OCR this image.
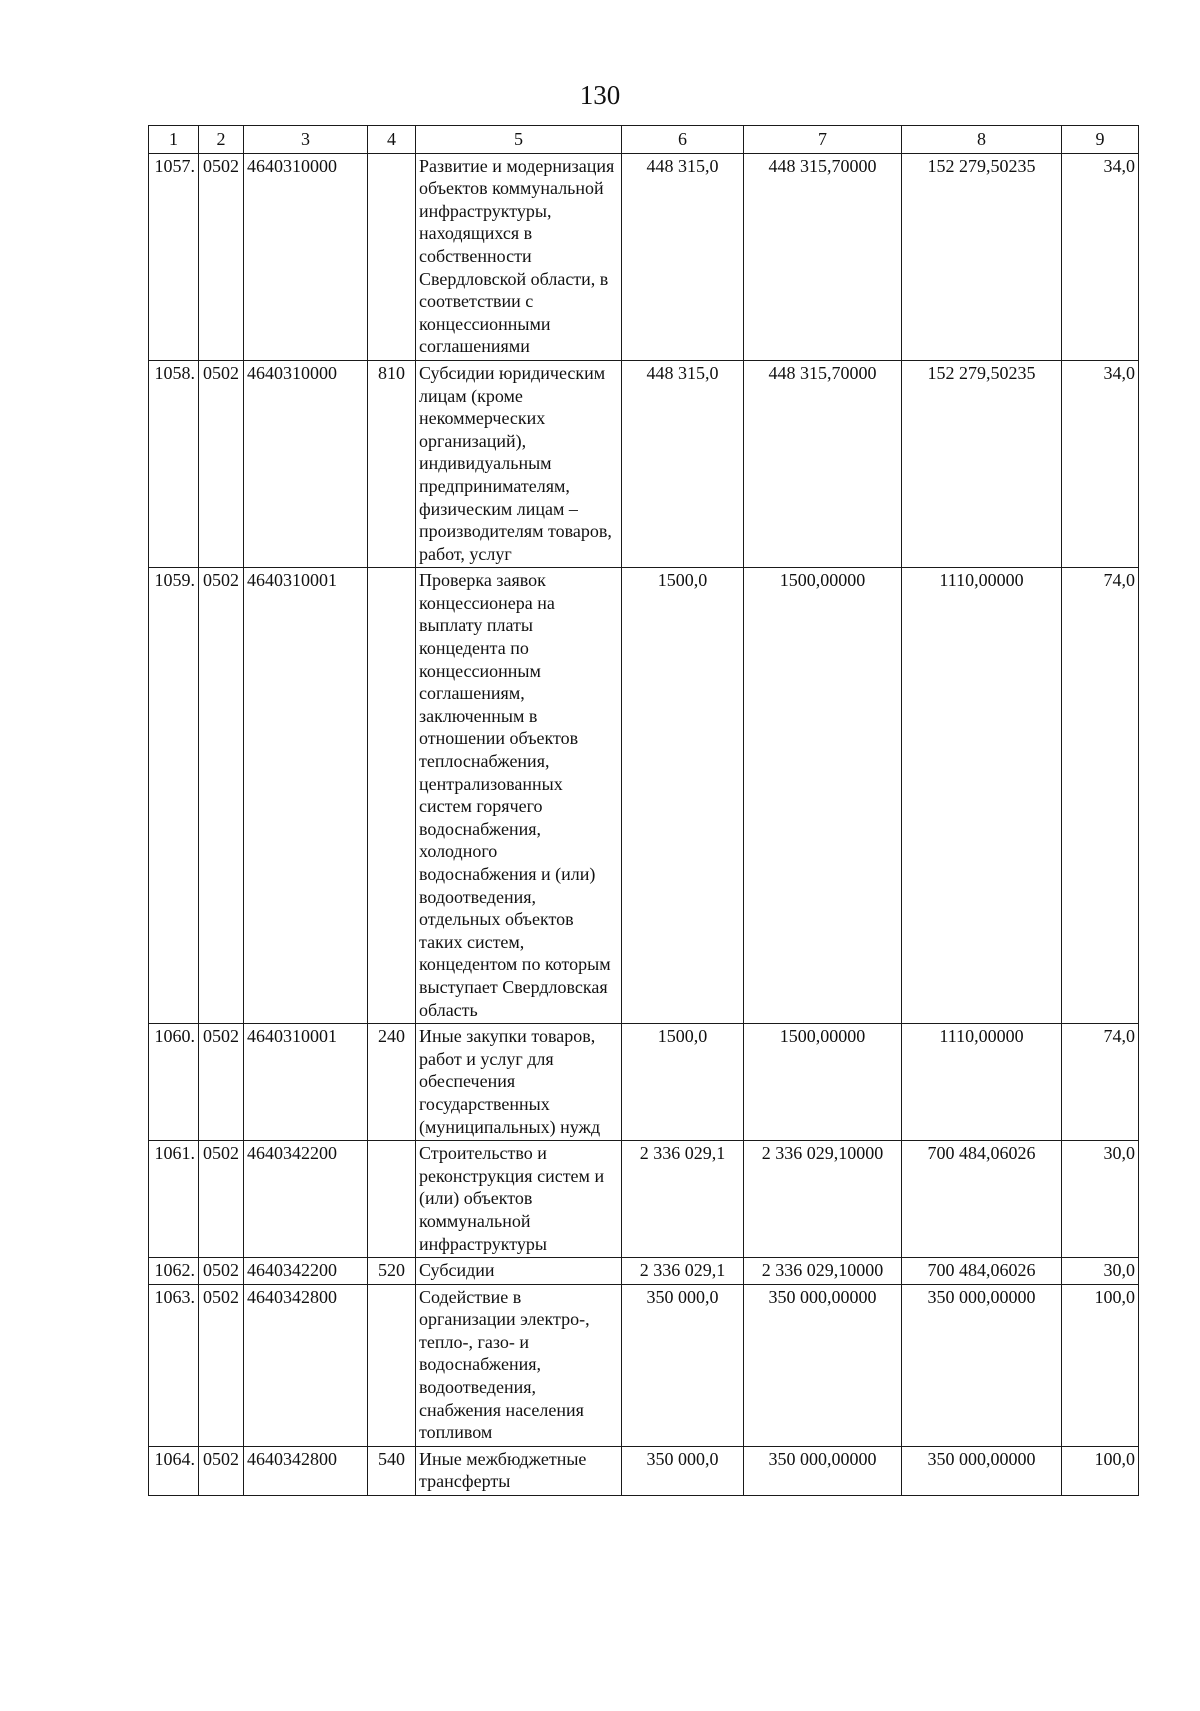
130
1	2	3	4	5	6	7	8	9
1057.	0502	4640310000		Развитие и модернизация объектов коммунальной инфраструктуры, находящихся в собственности Свердловской области, в соответствии с концессионными соглашениями	448 315,0	448 315,70000	152 279,50235	34,0
1058.	0502	4640310000	810	Субсидии юридическим лицам (кроме некоммерческих организаций), индивидуальным предпринимателям, физическим лицам – производителям товаров, работ, услуг	448 315,0	448 315,70000	152 279,50235	34,0
1059.	0502	4640310001		Проверка заявок концессионера на выплату платы концедента по концессионным соглашениям, заключенным в отношении объектов теплоснабжения, централизованных систем горячего водоснабжения, холодного водоснабжения и (или) водоотведения, отдельных объектов таких систем, концедентом по которым выступает Свердловская область	1500,0	1500,00000	1110,00000	74,0
1060.	0502	4640310001	240	Иные закупки товаров, работ и услуг для обеспечения государственных (муниципальных) нужд	1500,0	1500,00000	1110,00000	74,0
1061.	0502	4640342200		Строительство и реконструкция систем и (или) объектов коммунальной инфраструктуры	2 336 029,1	2 336 029,10000	700 484,06026	30,0
1062.	0502	4640342200	520	Субсидии	2 336 029,1	2 336 029,10000	700 484,06026	30,0
1063.	0502	4640342800		Содействие в организации электро-, тепло-, газо- и водоснабжения, водоотведения, снабжения населения топливом	350 000,0	350 000,00000	350 000,00000	100,0
1064.	0502	4640342800	540	Иные межбюджетные трансферты	350 000,0	350 000,00000	350 000,00000	100,0
